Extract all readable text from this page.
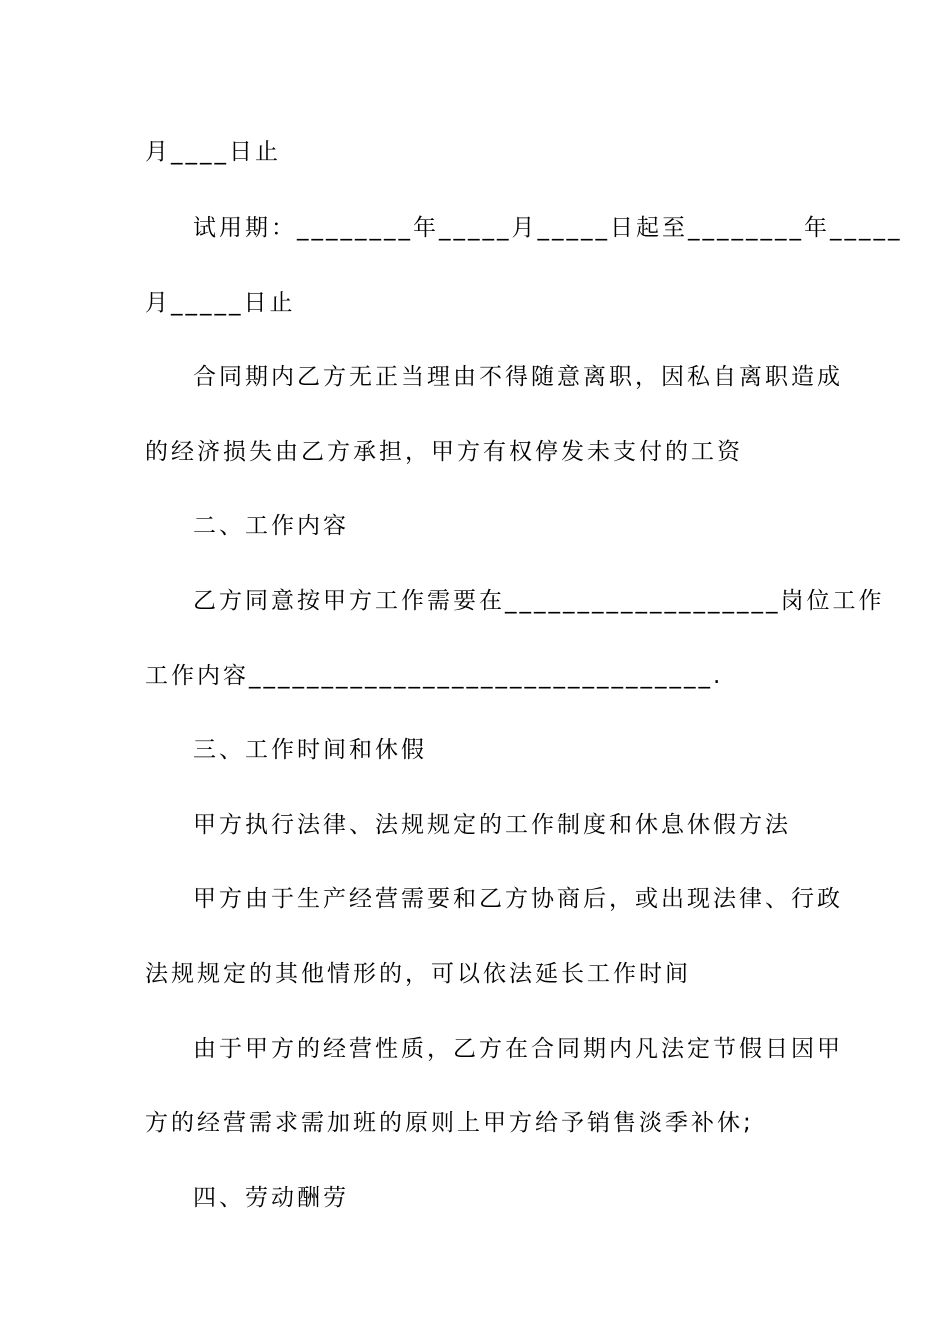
月____日止
试用期：________年_____月_____日起至________年_____
月_____日止
合同期内乙方无正当理由不得随意离职，因私自离职造成
的经济损失由乙方承担，甲方有权停发未支付的工资
二、工作内容
乙方同意按甲方工作需要在___________________岗位工作
工作内容________________________________.
三、工作时间和休假
甲方执行法律、法规规定的工作制度和休息休假方法
甲方由于生产经营需要和乙方协商后，或出现法律、行政
法规规定的其他情形的，可以依法延长工作时间
由于甲方的经营性质，乙方在合同期内凡法定节假日因甲
方的经营需求需加班的原则上甲方给予销售淡季补休;
四、劳动酬劳
